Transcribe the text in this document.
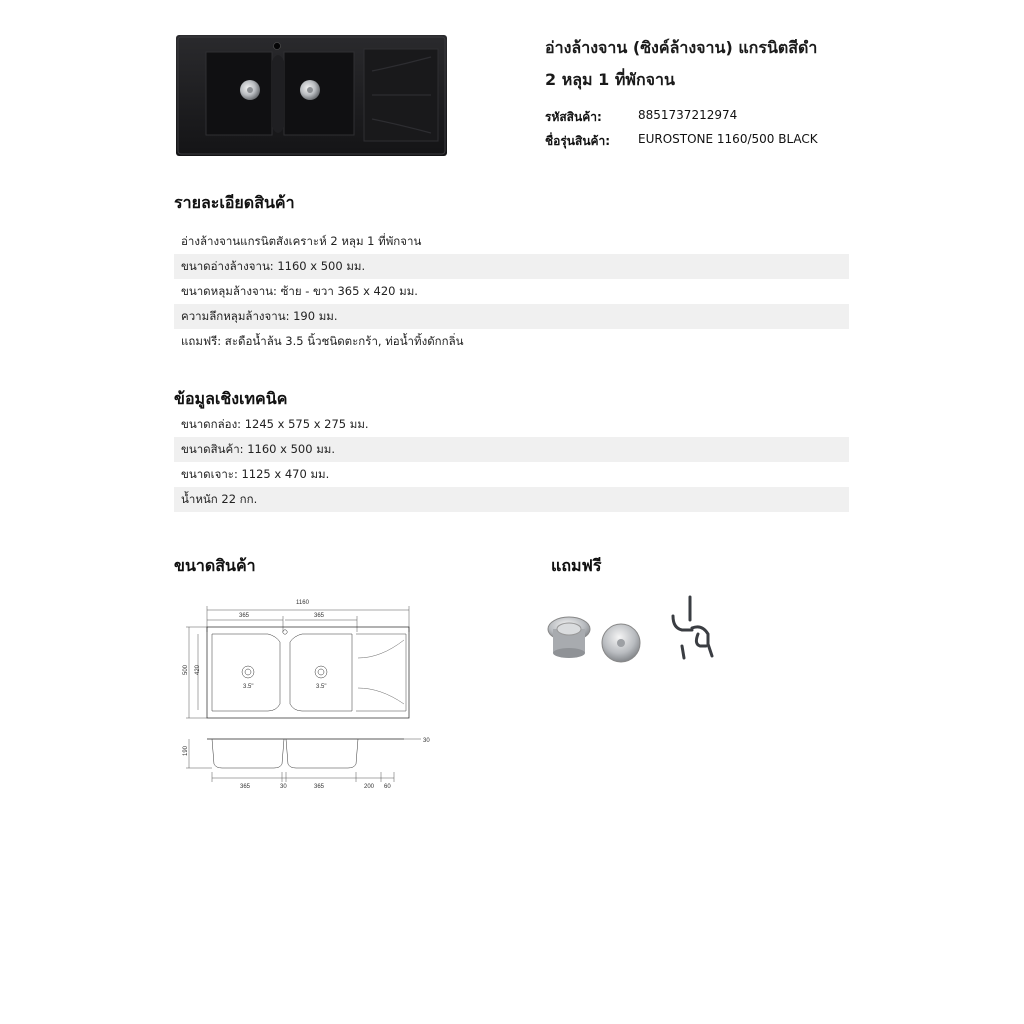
อ่างล้างจาน (ซิงค์ล้างจาน) แกรนิตสีดำ
2 หลุม 1 ที่พักจาน
รหัสสินค้า:	8851737212974
ชื่อรุ่นสินค้า: EUROSTONE 1160/500 BLACK
รายละเอียดสินค้า
อ่างล้างจานแกรนิตสังเคราะห์ 2 หลุม 1 ที่พักจาน
ขนาดอ่างล้างจาน: 1160 x 500 มม.
ขนาดหลุมล้างจาน: ซ้าย - ขวา 365 x 420 มม.
ความลึกหลุมล้างจาน: 190 มม.
แถมฟรี: สะดือน้ำล้น 3.5 นิ้วชนิดตะกร้า, ท่อน้ำทิ้งดักกลิ่น
ข้อมูลเชิงเทคนิค
ขนาดกล่อง: 1245 x 575 x 275 มม.
ขนาดสินค้า: 1160 x 500 มม.
ขนาดเจาะ: 1125 x 470 มม.
น้ำหนัก 22 กก.
ขนาดสินค้า
1160
365	365
500 420
3.5"	3.5"
190
30
365	30	365	200 60
แถมฟรี
